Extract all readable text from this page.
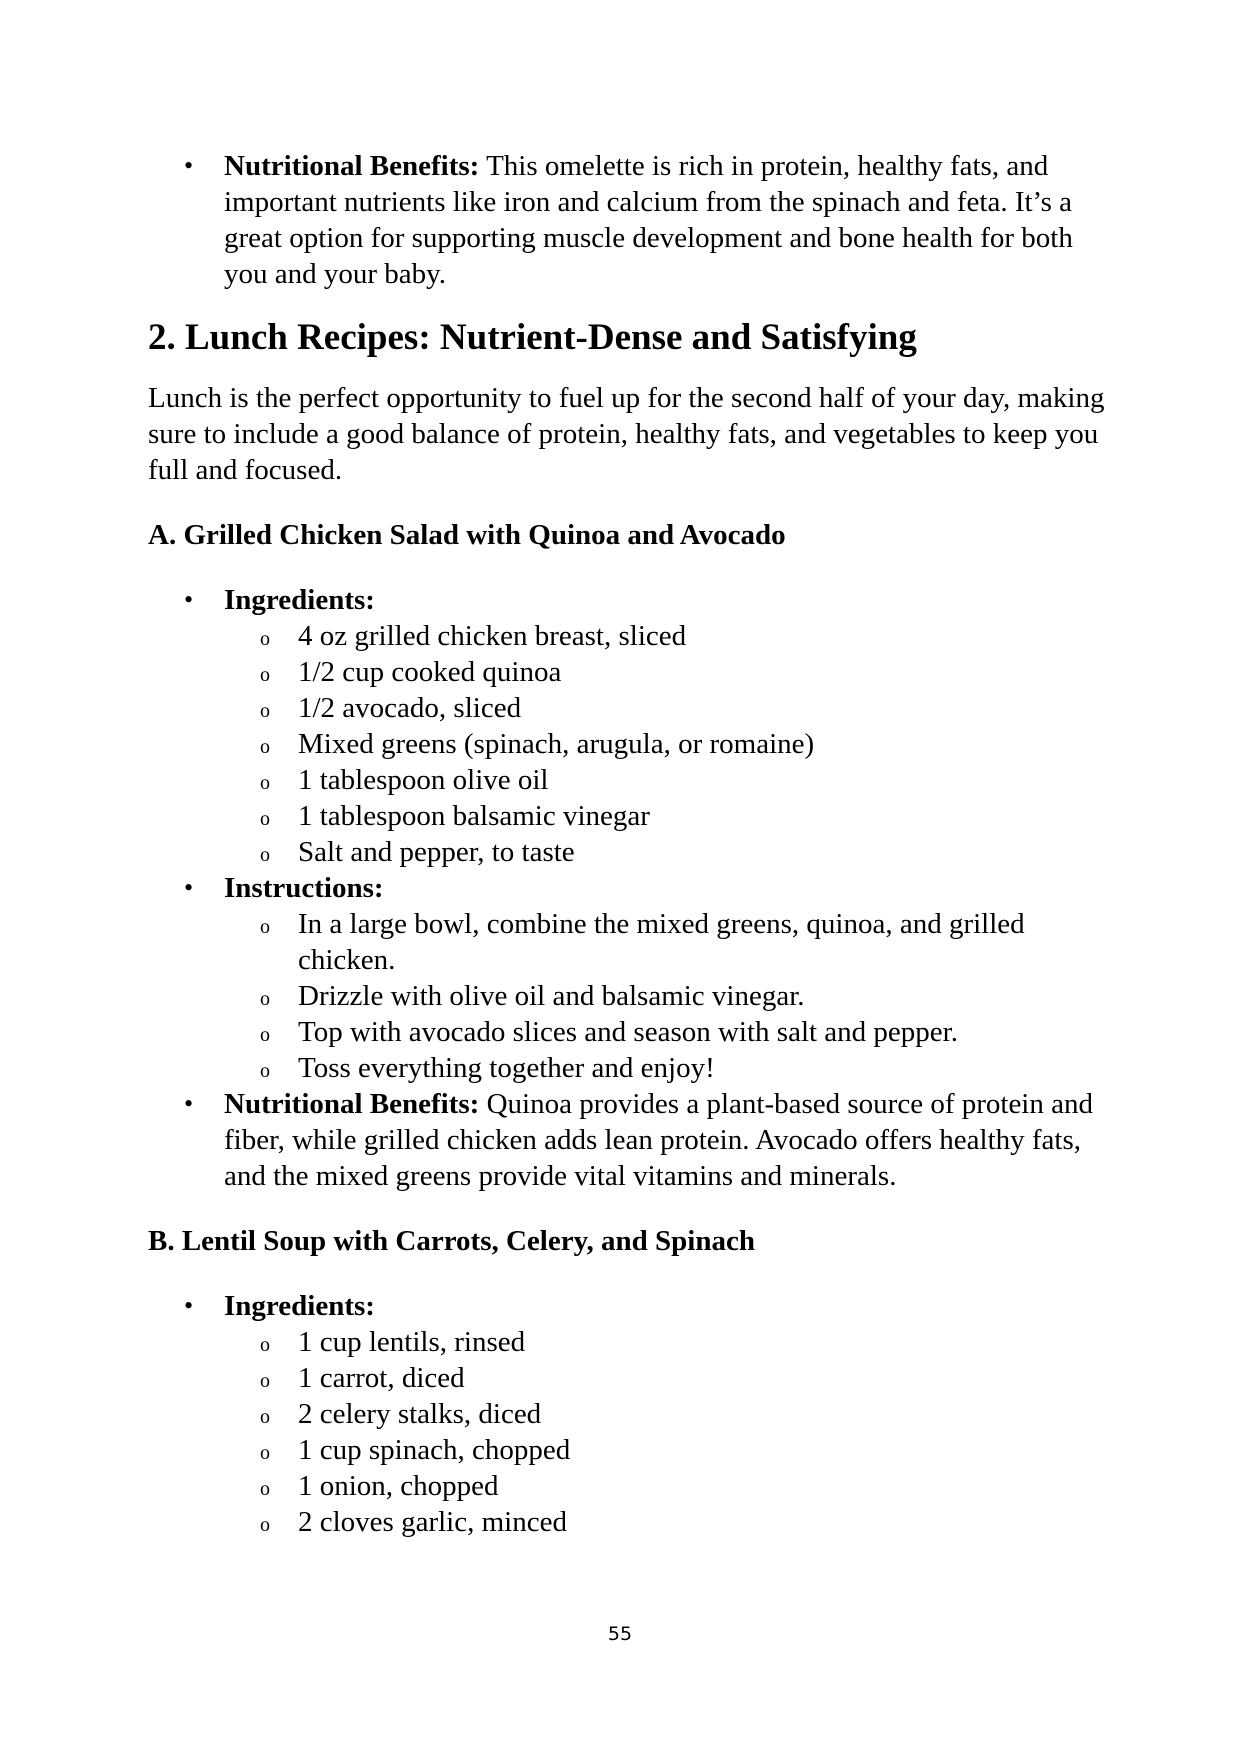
• Nutritional Benefits: This omelette is rich in protein, healthy fats, and important nutrients like iron and calcium from the spinach and feta. It’s a great option for supporting muscle development and bone health for both you and your baby.
2. Lunch Recipes: Nutrient-Dense and Satisfying

Lunch is the perfect opportunity to fuel up for the second half of your day, making sure to include a good balance of protein, healthy fats, and vegetables to keep you full and focused.

A. Grilled Chicken Salad with Quinoa and Avocado
• Ingredients:
o 4 oz grilled chicken breast, sliced
o 1/2 cup cooked quinoa
o 1/2 avocado, sliced
o Mixed greens (spinach, arugula, or romaine)
o 1 tablespoon olive oil
o 1 tablespoon balsamic vinegar
o Salt and pepper, to taste
• Instructions:
o In a large bowl, combine the mixed greens, quinoa, and grilled chicken.
o Drizzle with olive oil and balsamic vinegar.
o Top with avocado slices and season with salt and pepper.
o Toss everything together and enjoy!
• Nutritional Benefits: Quinoa provides a plant-based source of protein and fiber, while grilled chicken adds lean protein. Avocado offers healthy fats, and the mixed greens provide vital vitamins and minerals.
B. Lentil Soup with Carrots, Celery, and Spinach
• Ingredients:
o 1 cup lentils, rinsed
o 1 carrot, diced
o 2 celery stalks, diced
o 1 cup spinach, chopped
o 1 onion, chopped
o 2 cloves garlic, minced
55
